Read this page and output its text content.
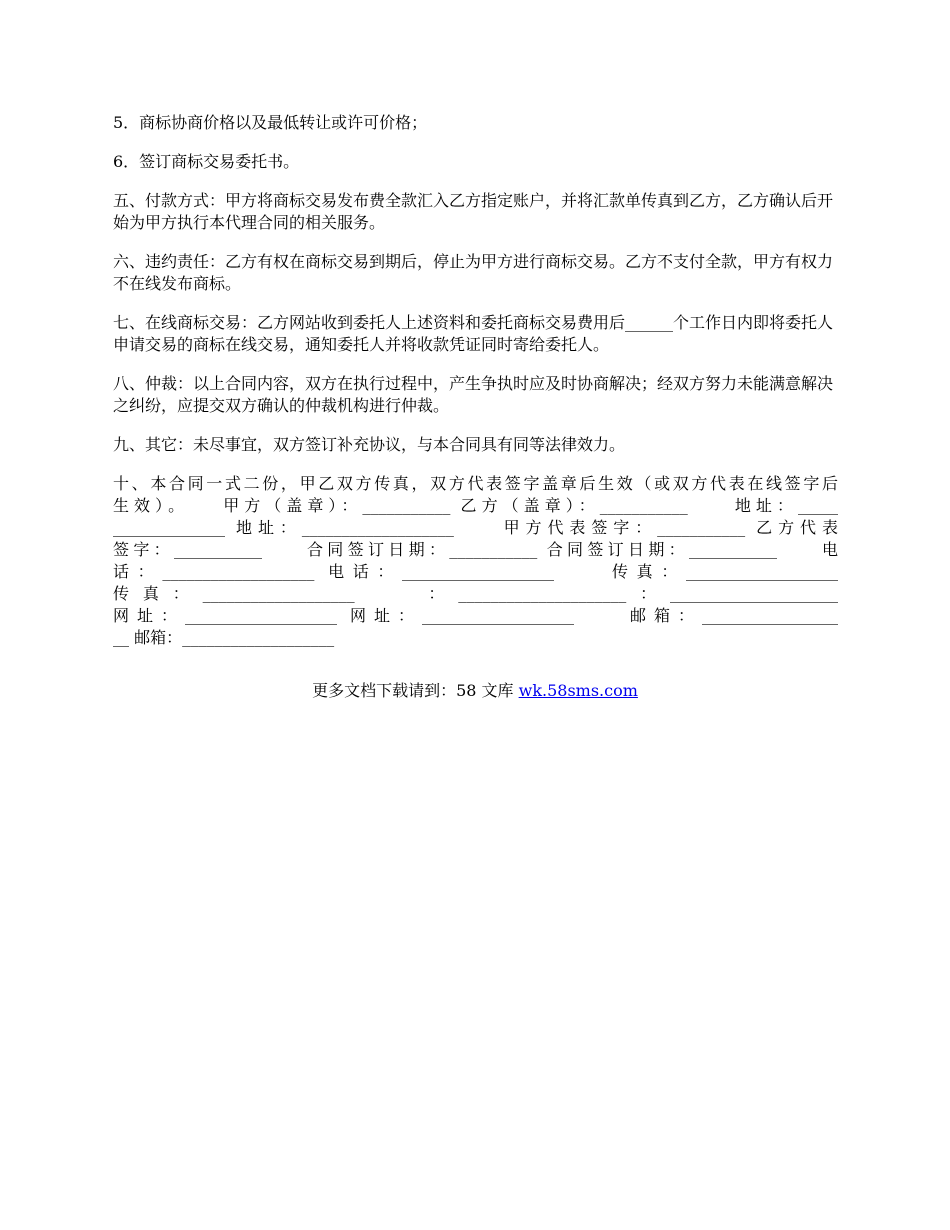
5．商标协商价格以及最低转让或许可价格；

6．签订商标交易委托书。

五、付款方式：甲方将商标交易发布费全款汇入乙方指定账户，并将汇款单传真到乙方，乙方确认后开始为甲方执行本代理合同的相关服务。

六、违约责任：乙方有权在商标交易到期后，停止为甲方进行商标交易。乙方不支付全款，甲方有权力不在线发布商标。

七、在线商标交易：乙方网站收到委托人上述资料和委托商标交易费用后______个工作日内即将委托人申请交易的商标在线交易，通知委托人并将收款凭证同时寄给委托人。

八、仲裁：以上合同内容，双方在执行过程中，产生争执时应及时协商解决；经双方努力未能满意解决之纠纷，应提交双方确认的仲裁机构进行仲裁。

九、其它：未尽事宜，双方签订补充协议，与本合同具有同等法律效力。

十、本合同一式二份，甲乙双方传真，双方代表签字盖章后生效（或双方代表在线签字后
生效）。　　甲方（盖章）：___________ 乙方（盖章）：___________　　地址：_____
______________ 地址：___________________　　甲方代表签字：___________ 乙方代表
签字：___________　　合同签订日期：___________ 合同签订日期：___________　　电
话：___________________ 电话：___________________　　传真：___________________
传真：___________________　　：_____________________：_____________________
网址：___________________ 网址：___________________　　邮箱：_________________
__ 邮箱：___________________
更多文档下载请到：58 文库 wk.58sms.com
